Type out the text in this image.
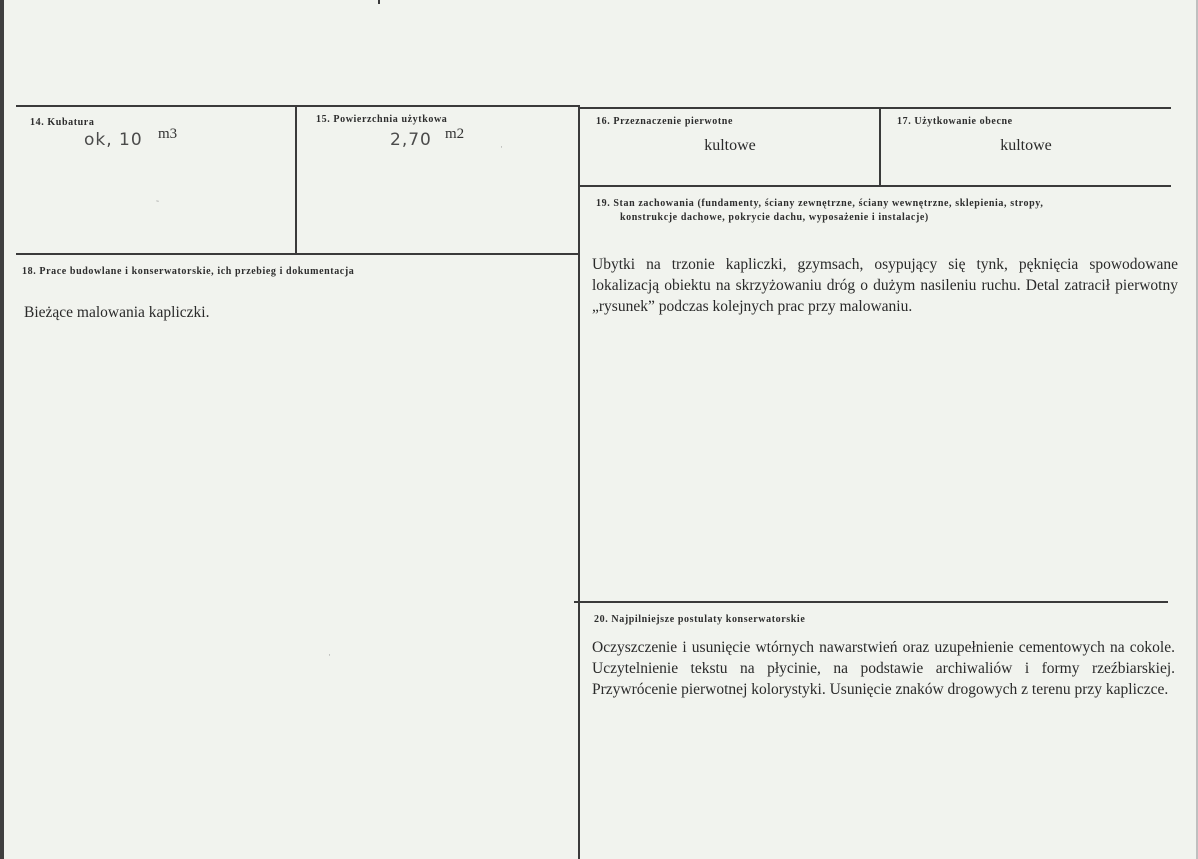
14. Kubatura
ok, 10 m3
15. Powierzchnia użytkowa
2,70 m2
16. Przeznaczenie pierwotne
kultowe
17. Użytkowanie obecne
kultowe
19. Stan zachowania (fundamenty, ściany zewnętrzne, ściany wewnętrzne, sklepienia, stropy,
konstrukcje dachowe, pokrycie dachu, wyposażenie i instalacje)
Ubytki na trzonie kapliczki, gzymsach, osypujący się tynk, pęknięcia spowodowane lokalizacją obiektu na skrzyżowaniu dróg o dużym nasileniu ruchu. Detal zatracił pierwotny „rysunek” podczas kolejnych prac przy malowaniu.
18. Prace budowlane i konserwatorskie, ich przebieg i dokumentacja
Bieżące malowania kapliczki.
20. Najpilniejsze postulaty konserwatorskie
Oczyszczenie i usunięcie wtórnych nawarstwień oraz uzupełnienie cementowych na cokole. Uczytelnienie tekstu na płycinie, na podstawie archiwaliów i formy rzeźbiarskiej. Przywrócenie pierwotnej kolorystyki. Usunięcie znaków drogowych z terenu przy kapliczce.
˷
·
·
